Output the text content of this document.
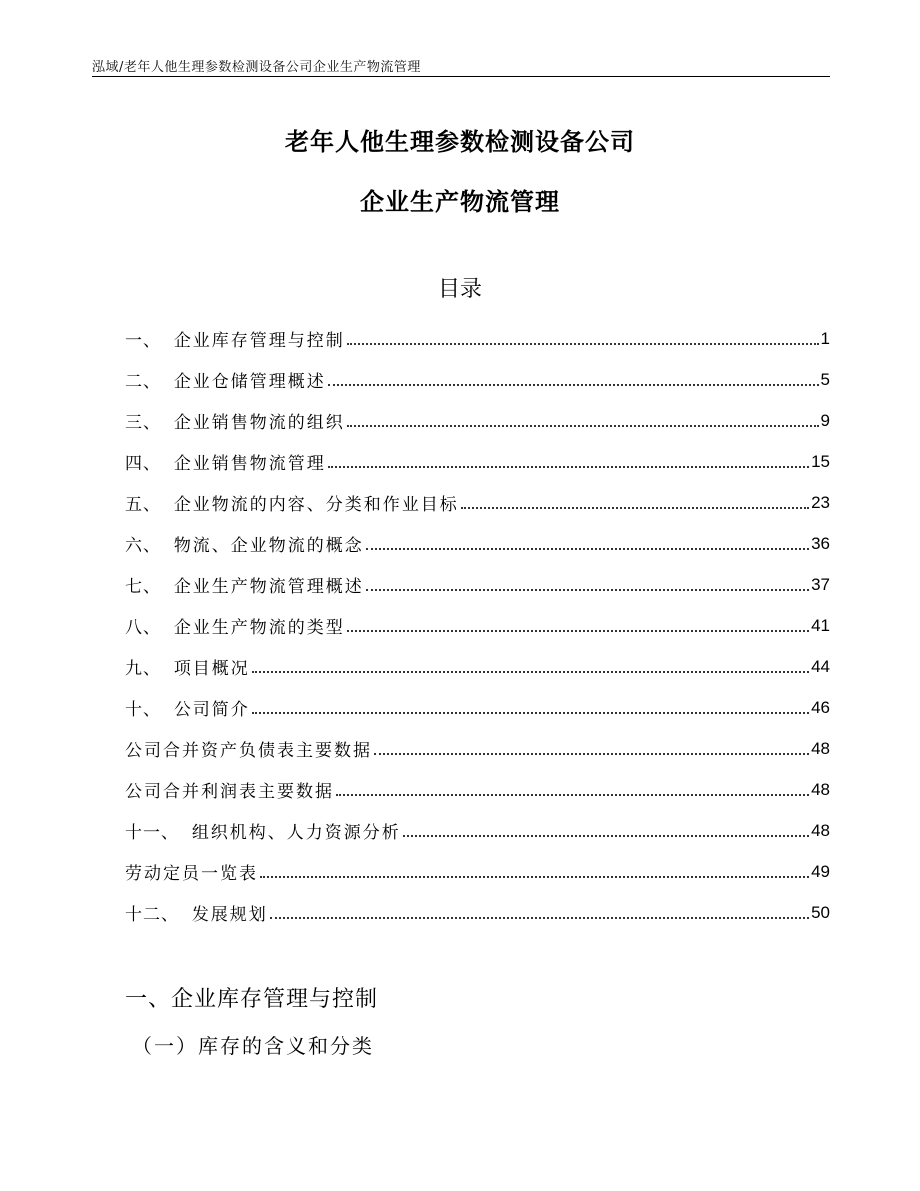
泓域/老年人他生理参数检测设备公司企业生产物流管理
老年人他生理参数检测设备公司
企业生产物流管理
目录
一、 企业库存管理与控制	1
二、 企业仓储管理概述	5
三、 企业销售物流的组织	9
四、 企业销售物流管理	15
五、 企业物流的内容、分类和作业目标	23
六、 物流、企业物流的概念	36
七、 企业生产物流管理概述	37
八、 企业生产物流的类型	41
九、 项目概况	44
十、 公司简介	46
公司合并资产负债表主要数据	48
公司合并利润表主要数据	48
十一、 组织机构、人力资源分析	48
劳动定员一览表	49
十二、 发展规划	50
一、企业库存管理与控制
（一）库存的含义和分类
